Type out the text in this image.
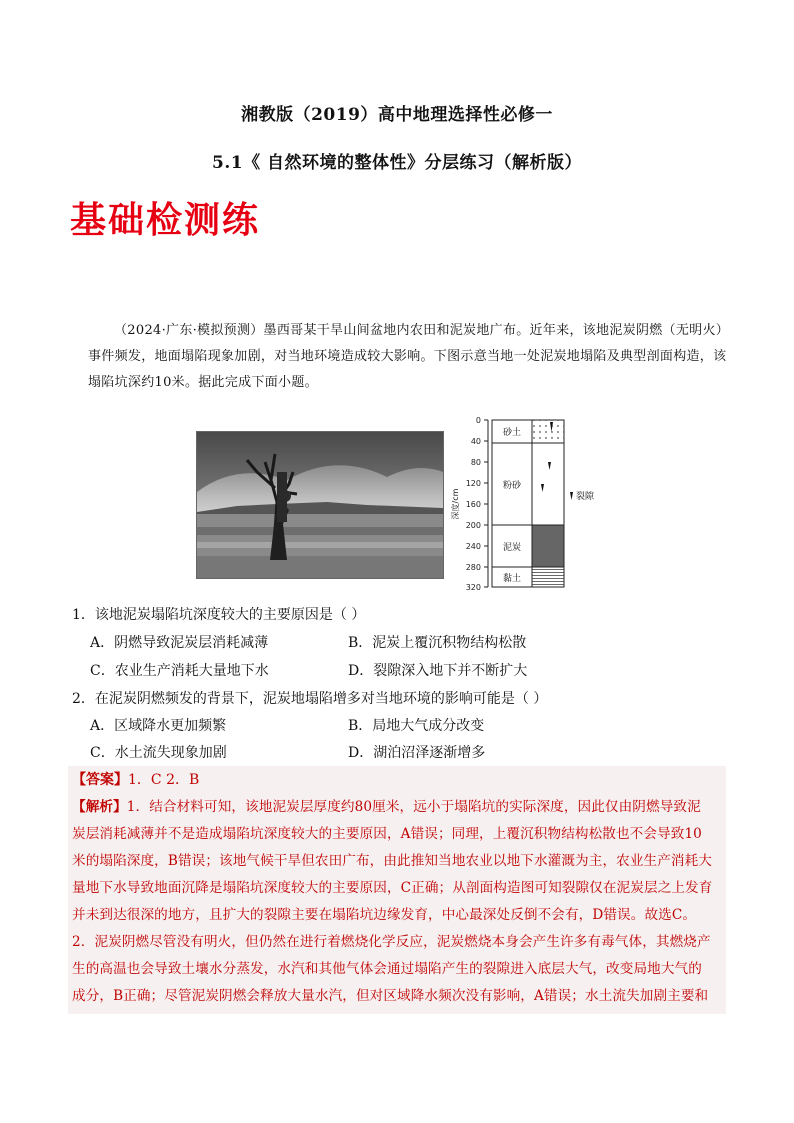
湘教版（2019）高中地理选择性必修一
5.1《 自然环境的整体性》分层练习（解析版）
基础检测练
（2024·广东·模拟预测）墨西哥某干旱山间盆地内农田和泥炭地广布。近年来，该地泥炭阴燃（无明火）事件频发，地面塌陷现象加剧，对当地环境造成较大影响。下图示意当地一处泥炭地塌陷及典型剖面构造，该塌陷坑深约10米。据此完成下面小题。
0
40
80
120
160
200
240
280
320
深度/cm
砂土
粉砂
泥炭
黏土
裂隙
1．该地泥炭塌陷坑深度较大的主要原因是（ ）
A．阴燃导致泥炭层消耗减薄	B．泥炭上覆沉积物结构松散
C．农业生产消耗大量地下水	D．裂隙深入地下并不断扩大
2．在泥炭阴燃频发的背景下，泥炭地塌陷增多对当地环境的影响可能是（ ）
A．区域降水更加频繁	B．局地大气成分改变
C．水土流失现象加剧	D．湖泊沼泽逐渐增多
【答案】1．C 2．B
【解析】1．结合材料可知，该地泥炭层厚度约80厘米，远小于塌陷坑的实际深度，因此仅由阴燃导致泥
炭层消耗减薄并不是造成塌陷坑深度较大的主要原因，A错误；同理，上覆沉积物结构松散也不会导致10
米的塌陷深度，B错误；该地气候干旱但农田广布，由此推知当地农业以地下水灌溉为主，农业生产消耗大
量地下水导致地面沉降是塌陷坑深度较大的主要原因，C正确；从剖面构造图可知裂隙仅在泥炭层之上发育
并未到达很深的地方，且扩大的裂隙主要在塌陷坑边缘发育，中心最深处反倒不会有，D错误。故选C。
2．泥炭阴燃尽管没有明火，但仍然在进行着燃烧化学反应，泥炭燃烧本身会产生许多有毒气体，其燃烧产
生的高温也会导致土壤水分蒸发，水汽和其他气体会通过塌陷产生的裂隙进入底层大气，改变局地大气的
成分，B正确；尽管泥炭阴燃会释放大量水汽，但对区域降水频次没有影响，A错误；水土流失加剧主要和
